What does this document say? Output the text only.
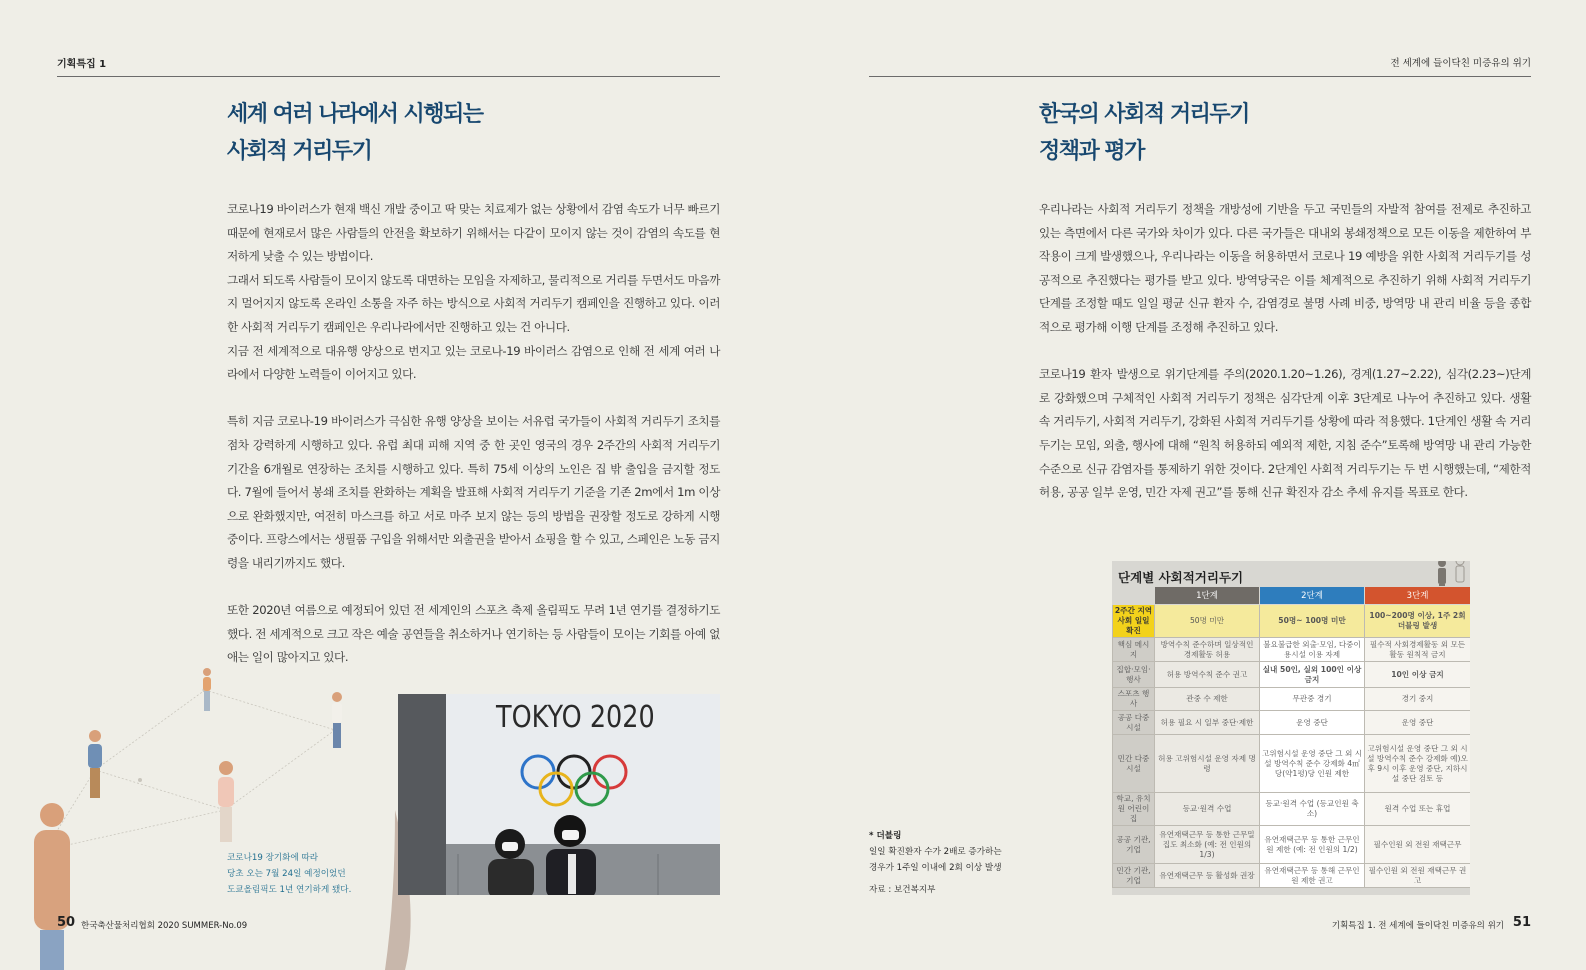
기획특집 1
세계 여러 나라에서 시행되는
사회적 거리두기

코로나19 바이러스가 현재 백신 개발 중이고 딱 맞는 치료제가 없는 상황에서 감염 속도가 너무 빠르기 때문에 현재로서 많은 사람들의 안전을 확보하기 위해서는 다같이 모이지 않는 것이 감염의 속도를 현저하게 낮출 수 있는 방법이다.

그래서 되도록 사람들이 모이지 않도록 대면하는 모임을 자제하고, 물리적으로 거리를 두면서도 마음까지 멀어지지 않도록 온라인 소통을 자주 하는 방식으로 사회적 거리두기 캠페인을 진행하고 있다. 이러한 사회적 거리두기 캠페인은 우리나라에서만 진행하고 있는 건 아니다.

지금 전 세계적으로 대유행 양상으로 번지고 있는 코로나-19 바이러스 감염으로 인해 전 세계 여러 나라에서 다양한 노력들이 이어지고 있다.

특히 지금 코로나-19 바이러스가 극심한 유행 양상을 보이는 서유럽 국가들이 사회적 거리두기 조치를 점차 강력하게 시행하고 있다. 유럽 최대 피해 지역 중 한 곳인 영국의 경우 2주간의 사회적 거리두기 기간을 6개월로 연장하는 조치를 시행하고 있다. 특히 75세 이상의 노인은 집 밖 출입을 금지할 정도다. 7월에 들어서 봉쇄 조치를 완화하는 계획을 발표해 사회적 거리두기 기준을 기존 2m에서 1m 이상으로 완화했지만, 여전히 마스크를 하고 서로 마주 보지 않는 등의 방법을 권장할 정도로 강하게 시행 중이다. 프랑스에서는 생필품 구입을 위해서만 외출권을 받아서 쇼핑을 할 수 있고, 스페인은 노동 금지령을 내리기까지도 했다.

또한 2020년 여름으로 예정되어 있던 전 세계인의 스포츠 축제 올림픽도 무려 1년 연기를 결정하기도 했다. 전 세계적으로 크고 작은 예술 공연들을 취소하거나 연기하는 등 사람들이 모이는 기회를 아예 없애는 일이 많아지고 있다.

TOKYO 2020
코로나19 장기화에 따라
당초 오는 7월 24일 예정이었던
도쿄올림픽도 1년 연기하게 됐다.
50 한국축산물처리협회 2020 SUMMER-No.09
전 세계에 들이닥친 미증유의 위기
한국의 사회적 거리두기
정책과 평가

우리나라는 사회적 거리두기 정책을 개방성에 기반을 두고 국민들의 자발적 참여를 전제로 추진하고 있는 측면에서 다른 국가와 차이가 있다. 다른 국가들은 대내외 봉쇄정책으로 모든 이동을 제한하여 부작용이 크게 발생했으나, 우리나라는 이동을 허용하면서 코로나 19 예방을 위한 사회적 거리두기를 성공적으로 추진했다는 평가를 받고 있다. 방역당국은 이를 체계적으로 추진하기 위해 사회적 거리두기 단계를 조정할 때도 일일 평균 신규 환자 수, 감염경로 불명 사례 비중, 방역망 내 관리 비율 등을 종합적으로 평가해 이행 단계를 조정해 추진하고 있다.

코로나19 환자 발생으로 위기단계를 주의(2020.1.20~1.26), 경계(1.27~2.22), 심각(2.23~)단계로 강화했으며 구체적인 사회적 거리두기 정책은 심각단계 이후 3단계로 나누어 추진하고 있다. 생활 속 거리두기, 사회적 거리두기, 강화된 사회적 거리두기를 상황에 따라 적용했다. 1단계인 생활 속 거리두기는 모임, 외출, 행사에 대해 “원칙 허용하되 예외적 제한, 지침 준수”토록해 방역망 내 관리 가능한 수준으로 신규 감염자를 통제하기 위한 것이다. 2단계인 사회적 거리두기는 두 번 시행했는데, “제한적 허용, 공공 일부 운영, 민간 자제 권고”를 통해 신규 확진자 감소 추세 유지를 목표로 한다.

* 더블링
일일 확진환자 수가 2배로 증가하는
경우가 1주일 이내에 2회 이상 발생
자료 : 보건복지부
단계별 사회적거리두기
	1단계	2단계	3단계
2주간 지역사회 일일 확진	50명 미만	50명~ 100명 미만	100~200명 이상, 1주 2회 더블링 발생
핵심 메시지	방역수칙 준수하며 일상적인 경제활동 허용	불요불급한 외출·모임, 다중이용시설 이용 자제	필수적 사회경제활동 외 모든 활동 원칙적 금지
집합·모임· 행사	허용 방역수칙 준수 권고	실내 50인, 실외 100인 이상 금지	10인 이상 금지
스포츠 행사	관중 수 제한	무관중 경기	경기 중지
공공 다중시설	허용 필요 시 일부 중단·제한	운영 중단	운영 중단
민간 다중시설	허용 고위험시설 운영 자제 명령	고위험시설 운영 중단 그 외 시설 방역수칙 준수 강제화 4㎡당(약1평)당 인원 제한	고위험시설 운영 중단 그 외 시설 방역수칙 준수 강제화 예)오후 9시 이후 운영 중단, 지하시설 중단 검토 등
학교, 유치원 어린이집	등교·원격 수업	등교·원격 수업 (등교인원 축소)	원격 수업 또는 휴업
공공 기관, 기업	유연재택근무 등 통한 근무밀집도 최소화 (예: 전 인원의 1/3)	유연재택근무 등 통한 근무인원 제한 (예: 전 인원의 1/2)	필수인원 외 전원 재택근무
민간 기관, 기업	유연재택근무 등 활성화 권장	유연재택근무 등 통해 근무인원 제한 권고	필수인원 외 전원 재택근무 권고
기획특집 1. 전 세계에 들이닥친 미증유의 위기 51
